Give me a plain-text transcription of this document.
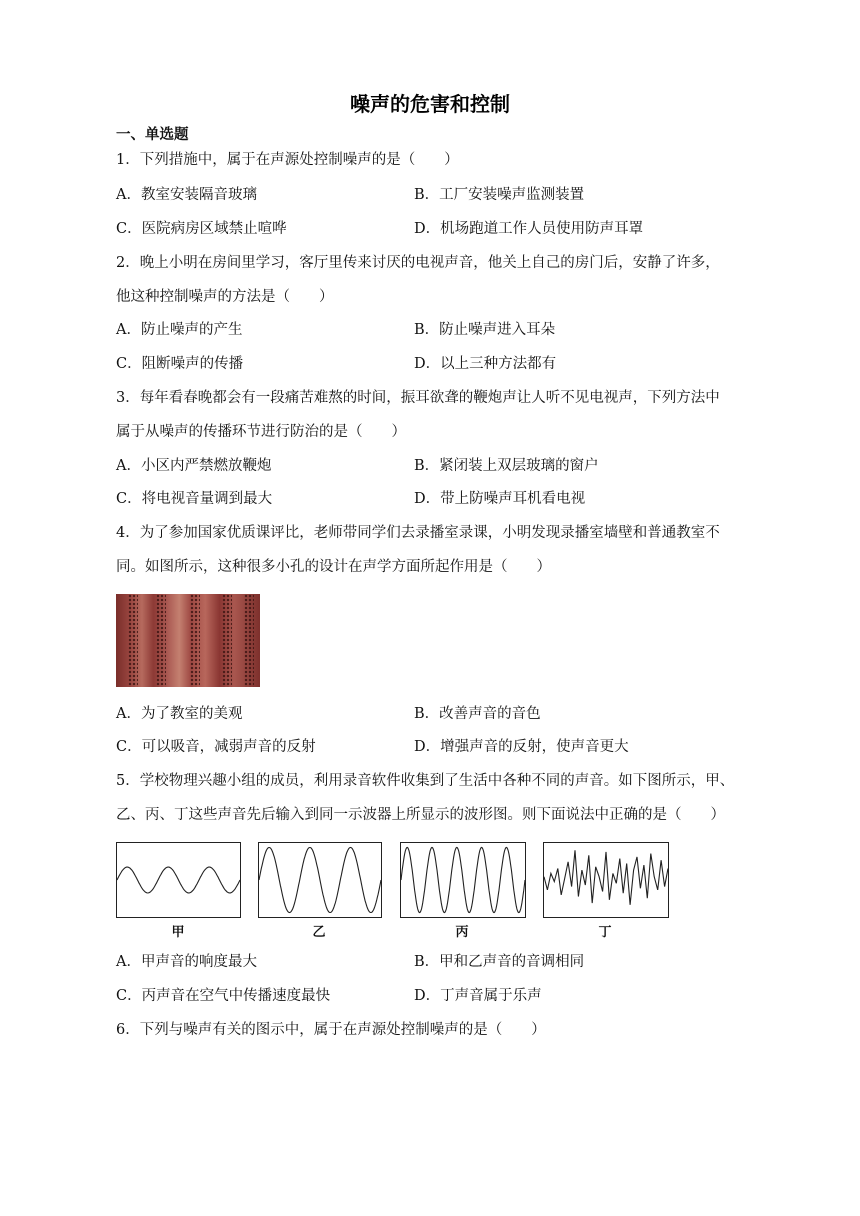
噪声的危害和控制
一、单选题
1．下列措施中，属于在声源处控制噪声的是（　　）
A．教室安装隔音玻璃	B．工厂安装噪声监测装置
C．医院病房区域禁止喧哗	D．机场跑道工作人员使用防声耳罩
2．晚上小明在房间里学习，客厅里传来讨厌的电视声音，他关上自己的房门后，安静了许多，
他这种控制噪声的方法是（　　）
A．防止噪声的产生	B．防止噪声进入耳朵
C．阻断噪声的传播	D．以上三种方法都有
3．每年看春晚都会有一段痛苦难熬的时间，振耳欲聋的鞭炮声让人听不见电视声，下列方法中
属于从噪声的传播环节进行防治的是（　　）
A．小区内严禁燃放鞭炮	B．紧闭装上双层玻璃的窗户
C．将电视音量调到最大	D．带上防噪声耳机看电视
4．为了参加国家优质课评比，老师带同学们去录播室录课，小明发现录播室墙壁和普通教室不
同。如图所示，这种很多小孔的设计在声学方面所起作用是（　　）
A．为了教室的美观	B．改善声音的音色
C．可以吸音，减弱声音的反射	D．增强声音的反射，使声音更大
5．学校物理兴趣小组的成员，利用录音软件收集到了生活中各种不同的声音。如下图所示，甲、
乙、丙、丁这些声音先后输入到同一示波器上所显示的波形图。则下面说法中正确的是（　　）
甲	乙	丙	丁
A．甲声音的响度最大	B．甲和乙声音的音调相同
C．丙声音在空气中传播速度最快	D．丁声音属于乐声
6．下列与噪声有关的图示中，属于在声源处控制噪声的是（　　）
